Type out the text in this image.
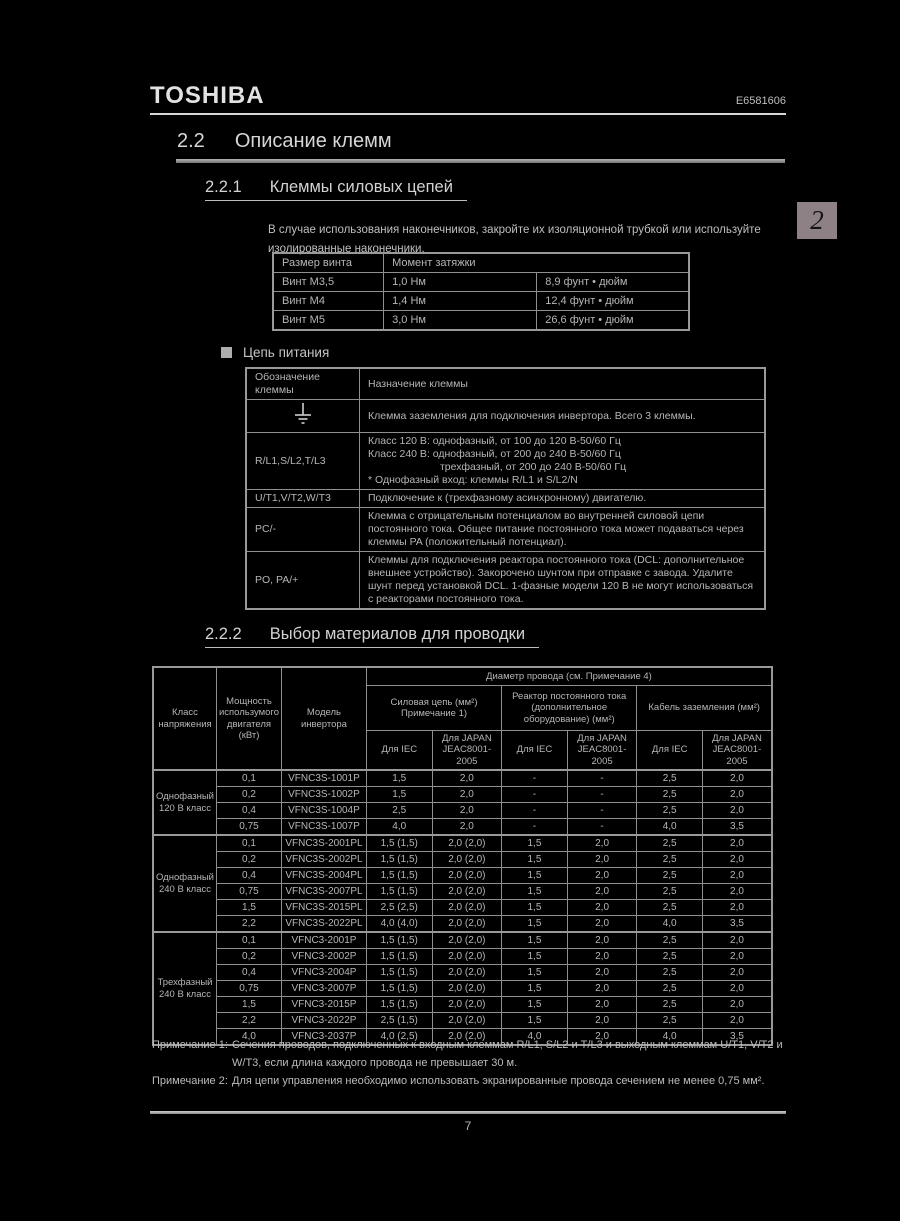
TOSHIBA	E6581606
2.2 Описание клемм
2
2.2.1 Клеммы силовых цепей
В случае использования наконечников, закройте их изоляционной трубкой или используйте изолированные наконечники.
Размер винта	Момент затяжки	
Винт М3,5	1,0 Нм	8,9 фунт • дюйм
Винт М4	1,4 Нм	12,4 фунт • дюйм
Винт М5	3,0 Нм	26,6 фунт • дюйм
Цепь питания
Обозначение клеммы	Назначение клеммы
	Клемма заземления для подключения инвертора. Всего 3 клеммы.
R/L1,S/L2,T/L3	Класс 120 В: однофазный, от 100 до 120 В-50/60 Гц
Класс 240 В: однофазный, от 200 до 240 В-50/60 Гц
трехфазный, от 200 до 240 В-50/60 Гц
* Однофазный вход: клеммы R/L1 и S/L2/N

U/T1,V/T2,W/T3	Подключение к (трехфазному асинхронному) двигателю.
PC/-	Клемма с отрицательным потенциалом во внутренней силовой цепи постоянного тока. Общее питание постоянного тока может подаваться через клеммы PA (положительный потенциал).
PO, PA/+	Клеммы для подключения реактора постоянного тока (DCL: дополнительное внешнее устройство). Закорочено шунтом при отправке с завода. Удалите шунт перед установкой DCL. 1-фазные модели 120 В не могут использоваться с реакторами постоянного тока.
2.2.2 Выбор материалов для проводки
Класс напряжения	Мощность использумого двигателя (кВт)	Модель инвертора	Диаметр провода (см. Примечание 4)					
			Силовая цепь (мм²) Примечание 1)		Реактор постоянного тока (дополнительное оборудование) (мм²)		Кабель заземления (мм²)	
			Для IEC	Для JAPAN JEAC8001-2005	Для IEC	Для JAPAN JEAC8001-2005	Для IEC	Для JAPAN JEAC8001-2005
Однофазный 120 В класс	0,1	VFNC3S-1001P	1,5	2,0	-	-	2,5	2,0
	0,2	VFNC3S-1002P	1,5	2,0	-	-	2,5	2,0
	0,4	VFNC3S-1004P	2,5	2,0	-	-	2,5	2,0
	0,75	VFNC3S-1007P	4,0	2,0	-	-	4,0	3,5
Однофазный 240 В класс	0,1	VFNC3S-2001PL	1,5 (1,5)	2,0 (2,0)	1,5	2,0	2,5	2,0
	0,2	VFNC3S-2002PL	1,5 (1,5)	2,0 (2,0)	1,5	2,0	2,5	2,0
	0,4	VFNC3S-2004PL	1,5 (1,5)	2,0 (2,0)	1,5	2,0	2,5	2,0
	0,75	VFNC3S-2007PL	1,5 (1,5)	2,0 (2,0)	1,5	2,0	2,5	2,0
	1,5	VFNC3S-2015PL	2,5 (2,5)	2,0 (2,0)	1,5	2,0	2,5	2,0
	2,2	VFNC3S-2022PL	4,0 (4,0)	2,0 (2,0)	1,5	2,0	4,0	3,5
Трехфазный 240 В класс	0,1	VFNC3-2001P	1,5 (1,5)	2,0 (2,0)	1,5	2,0	2,5	2,0
	0,2	VFNC3-2002P	1,5 (1,5)	2,0 (2,0)	1,5	2,0	2,5	2,0
	0,4	VFNC3-2004P	1,5 (1,5)	2,0 (2,0)	1,5	2,0	2,5	2,0
	0,75	VFNC3-2007P	1,5 (1,5)	2,0 (2,0)	1,5	2,0	2,5	2,0
	1,5	VFNC3-2015P	1,5 (1,5)	2,0 (2,0)	1,5	2,0	2,5	2,0
	2,2	VFNC3-2022P	2,5 (1,5)	2,0 (2,0)	1,5	2,0	2,5	2,0
	4,0	VFNC3-2037P	4,0 (2,5)	2,0 (2,0)	4,0	2,0	4,0	3,5
Примечание 1: Сечения проводов, подключенных к входным клеммам R/L1, S/L2 и T/L3 и выходным клеммам U/T1, V/T2 и W/T3, если длина каждого провода не превышает 30 м.
Примечание 2: Для цепи управления необходимо использовать экранированные провода сечением не менее 0,75 мм².
7
